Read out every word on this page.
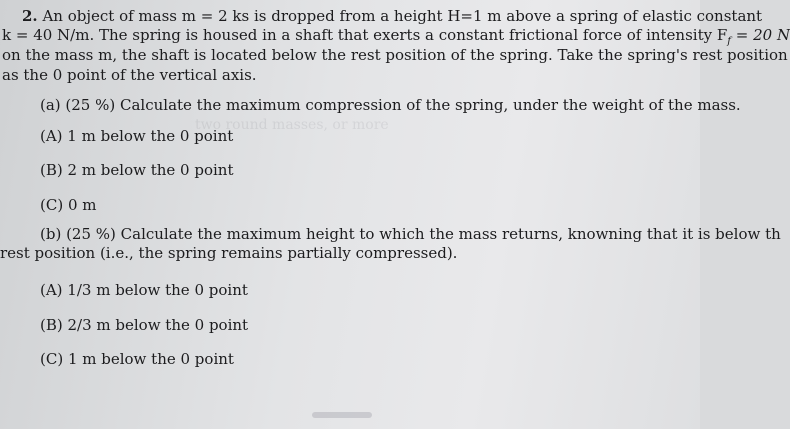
2. An object of mass m = 2 ks is dropped from a height H=1 m above a spring of elastic constant
k = 40 N/m. The spring is housed in a shaft that exerts a constant frictional force of intensity $F_f = 20$ N
on the mass m, the shaft is located below the rest position of the spring. Take the spring's rest position
as the 0 point of the vertical axis.
two round masses, or more
(a) (25 %) Calculate the maximum compression of the spring, under the weight of the mass.
(A) 1 m below the 0 point
(B) 2 m below the 0 point
(C) 0 m
(b) (25 %) Calculate the maximum height to which the mass returns, knowning that it is below th
rest position (i.e., the spring remains partially compressed).
(A) 1/3 m below the 0 point
(B) 2/3 m below the 0 point
(C) 1 m below the 0 point
